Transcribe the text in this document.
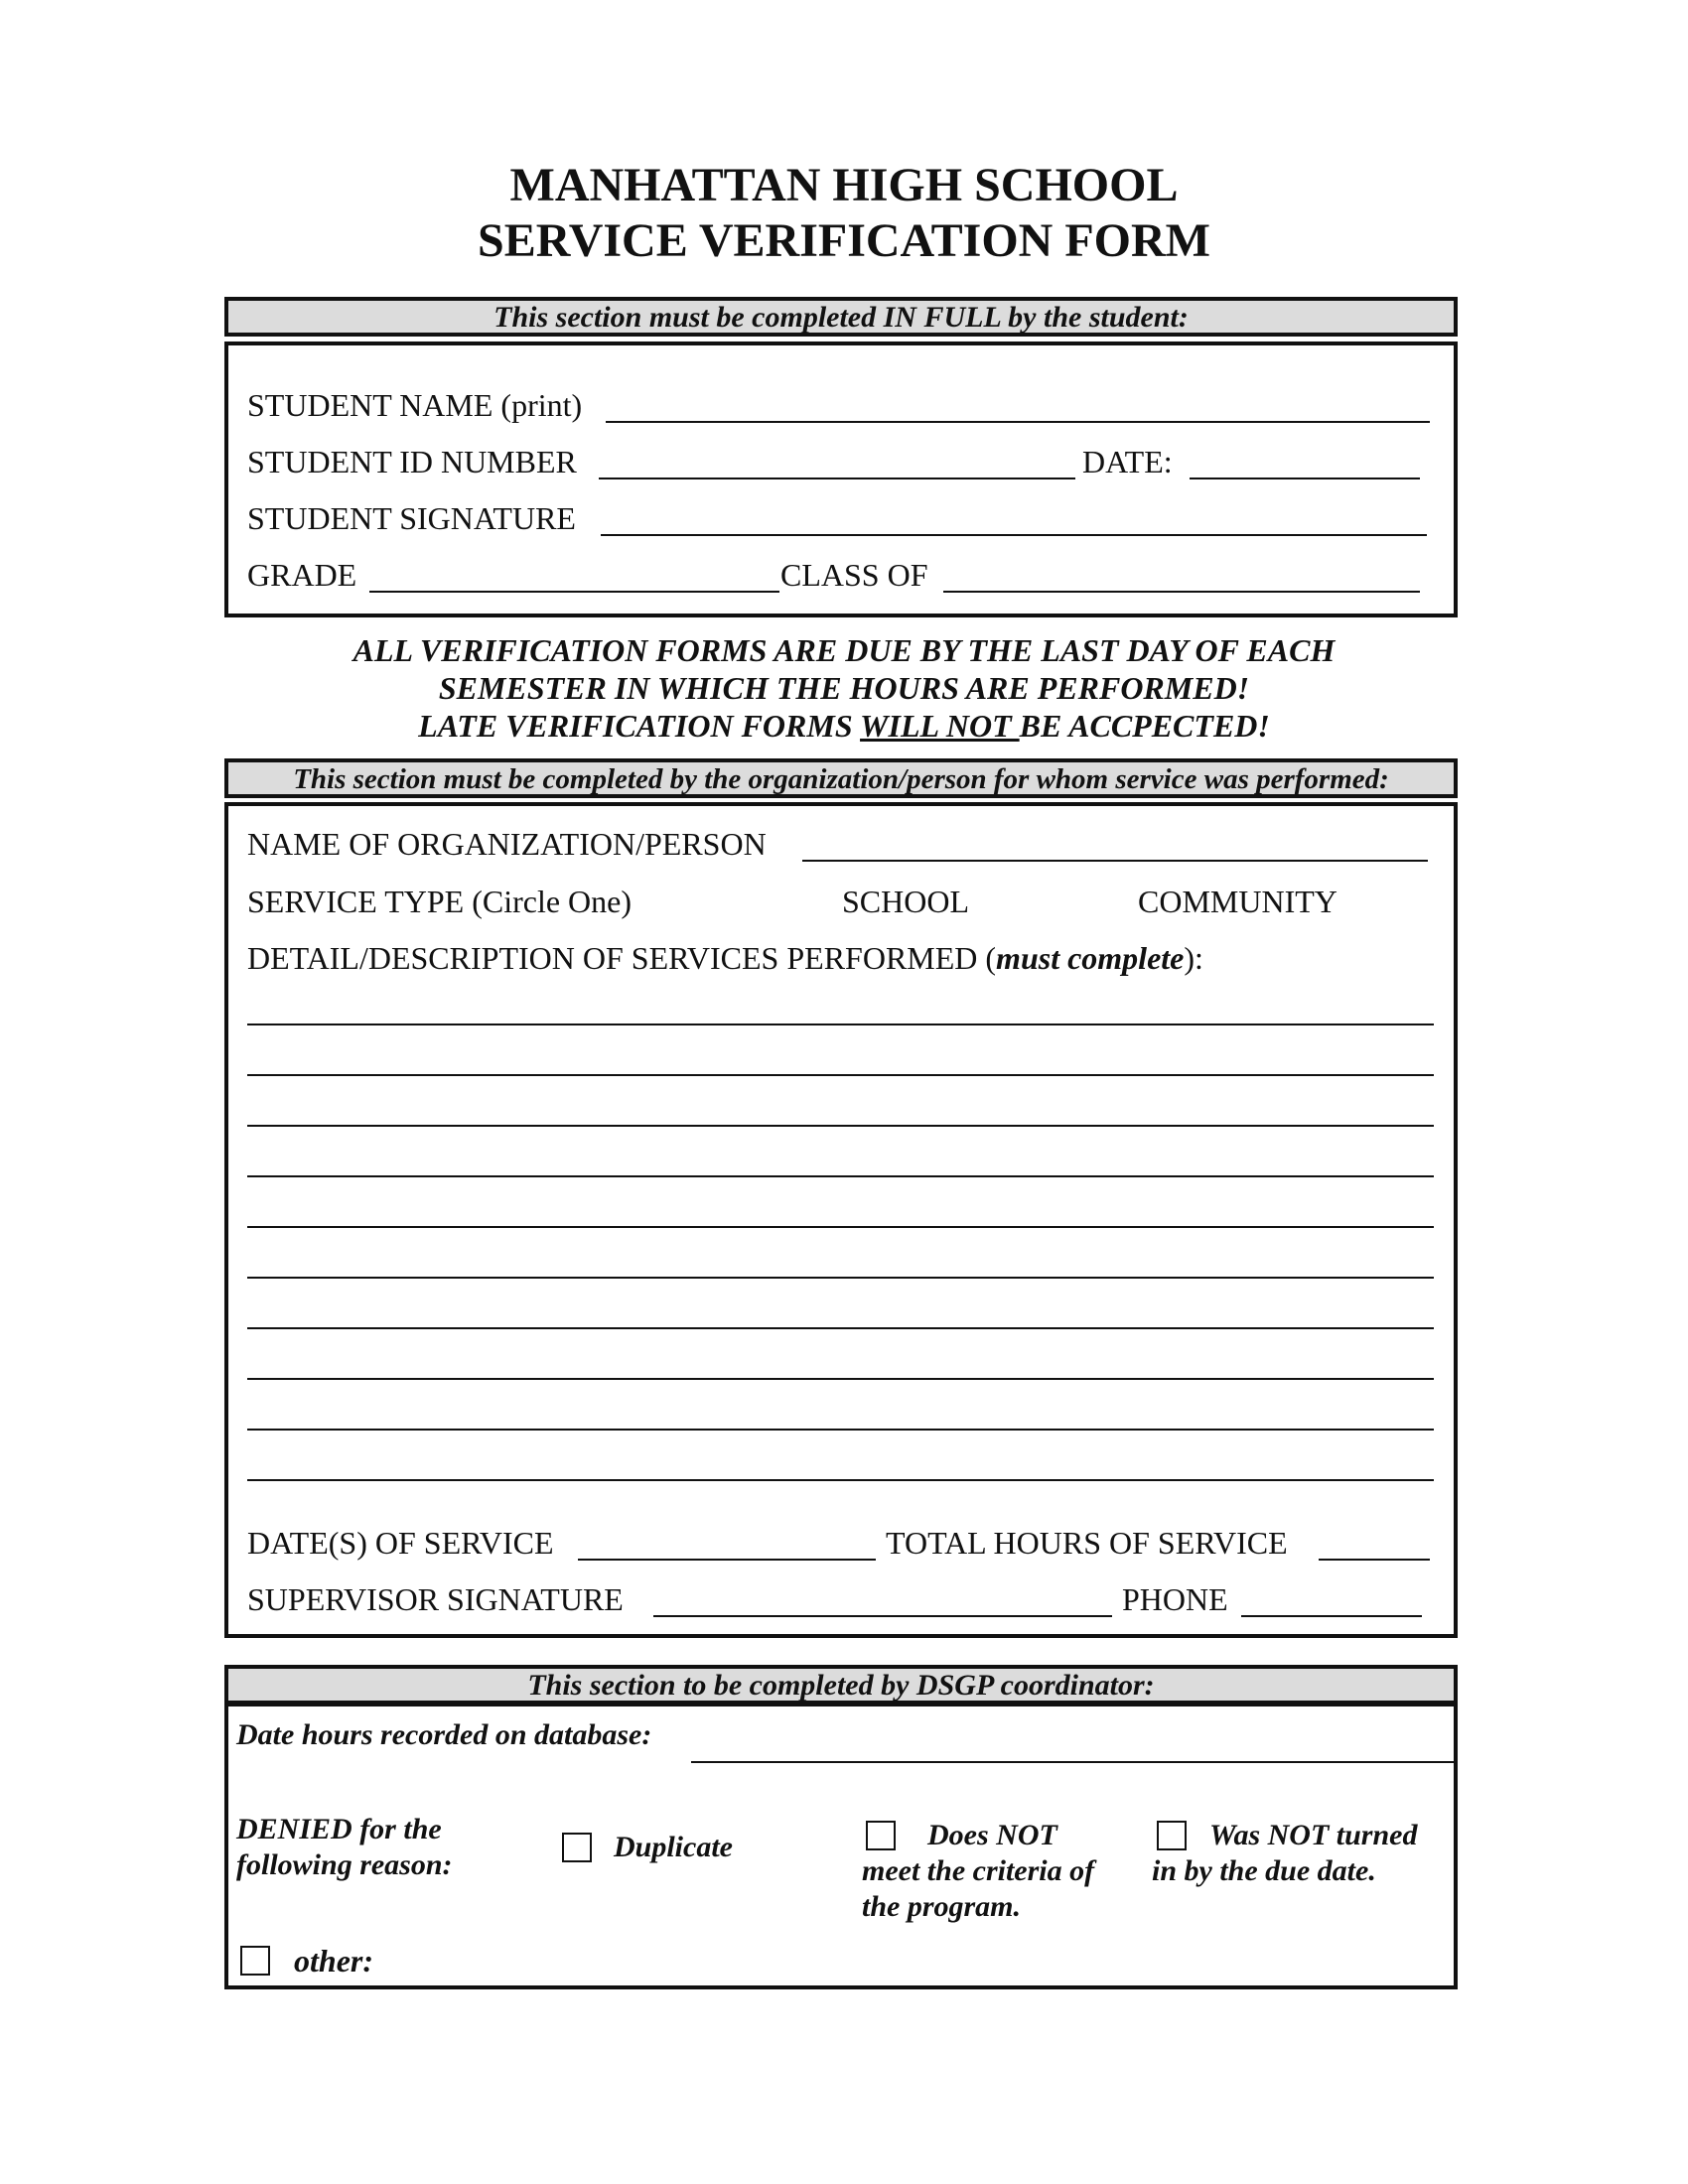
MANHATTAN HIGH SCHOOL
SERVICE VERIFICATION FORM
This section must be completed IN FULL by the student:
STUDENT NAME (print)
STUDENT ID NUMBER	DATE:
STUDENT SIGNATURE
GRADE	CLASS OF
ALL VERIFICATION FORMS ARE DUE BY THE LAST DAY OF EACH
SEMESTER IN WHICH THE HOURS ARE PERFORMED!
LATE VERIFICATION FORMS WILL NOT BE ACCPECTED!
This section must be completed by the organization/person for whom service was performed:
NAME OF ORGANIZATION/PERSON
SERVICE TYPE (Circle One)	SCHOOL	COMMUNITY
DETAIL/DESCRIPTION OF SERVICES PERFORMED (must complete):
DATE(S) OF SERVICE	TOTAL HOURS OF SERVICE
SUPERVISOR SIGNATURE	PHONE
This section to be completed by DSGP coordinator:
Date hours recorded on database:
DENIED for the
following reason:
Duplicate	Does NOT
meet the criteria of
the program.
Was NOT turned
in by the due date.
other:
